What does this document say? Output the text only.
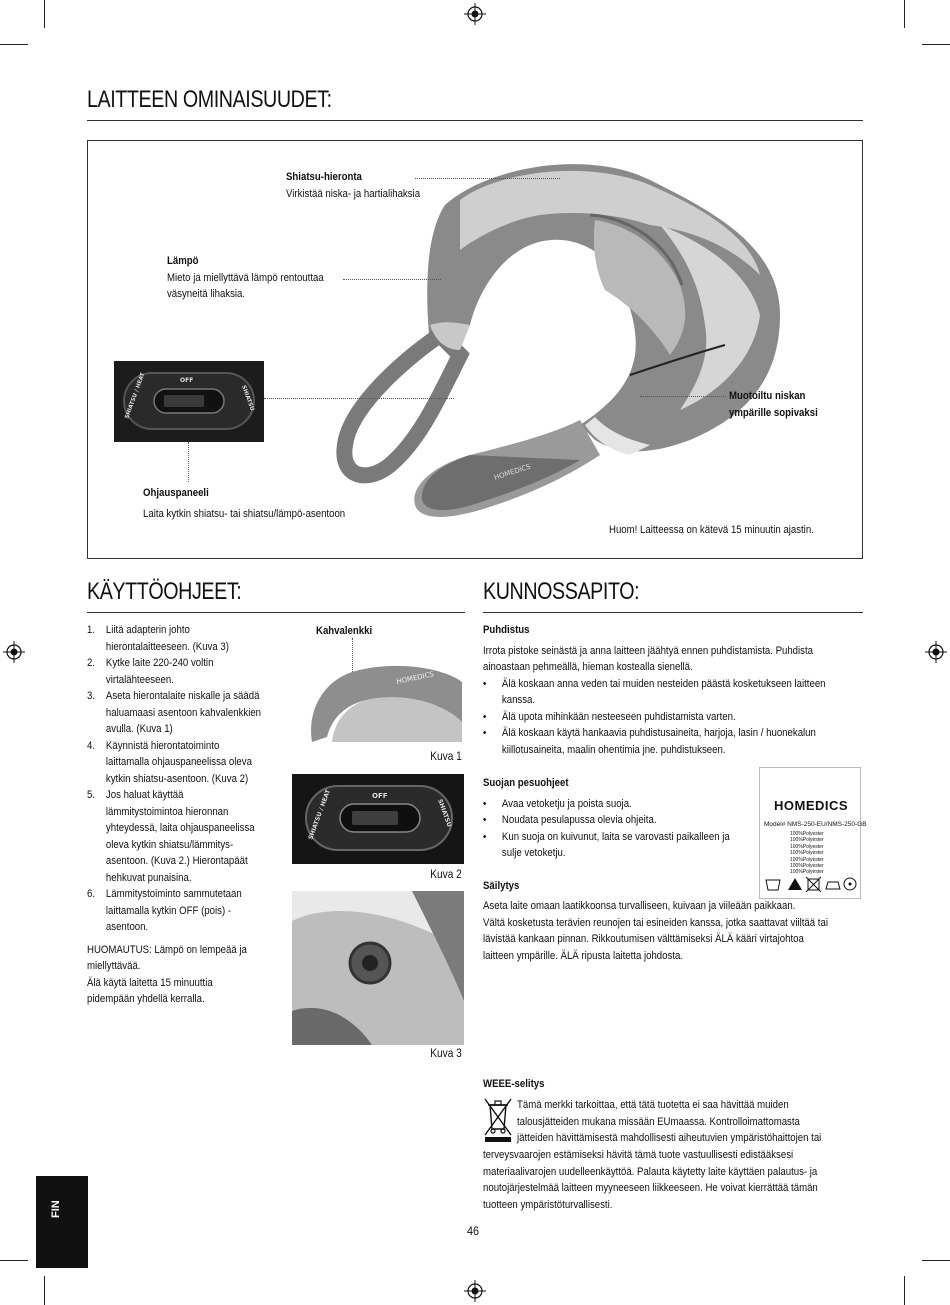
LAITTEEN OMINAISUUDET:
HOMEDICS
OFF
SHIATSU / HEAT	SHIATSU
Shiatsu-hieronta
Virkistää niska- ja hartialihaksia
Lämpö
Mieto ja miellyttävä lämpö rentouttaa
väsyneitä lihaksia.
Muotoiltu niskan
ympärille sopivaksi
Ohjauspaneeli
Laita kytkin shiatsu- tai shiatsu/lämpö-asentoon
Huom! Laitteessa on kätevä 15 minuutin ajastin.
KÄYTTÖOHJEET:
1. Liitä adapterin johto
hierontalaitteeseen. (Kuva 3)
2. Kytke laite 220-240 voltin
virtalähteeseen.
3. Aseta hierontalaite niskalle ja säädä
haluamaasi asentoon kahvalenkkien
avulla. (Kuva 1)
4. Käynnistä hierontatoiminto
laittamalla ohjauspaneelissa oleva
kytkin shiatsu-asentoon. (Kuva 2)
5. Jos haluat käyttää
lämmitystoimintoa hieronnan
yhteydessä, laita ohjauspaneelissa
oleva kytkin shiatsu/lämmitys-
asentoon. (Kuva 2.) Hierontapäät
hehkuvat punaisina.
6. Lämmitystoiminto sammutetaan
laittamalla kytkin OFF (pois) -
asentoon.
HUOMAUTUS: Lämpö on lempeää ja
miellyttävää.
Älä käytä laitetta 15 minuuttia
pidempään yhdellä kerralla.
Kahvalenkki
HOMEDICS
Kuva 1
OFF
SHIATSU / HEAT	SHIATSU
Kuva 2
Kuva 3
KUNNOSSAPITO:
Puhdistus
Irrota pistoke seinästä ja anna laitteen jäähtyä ennen puhdistamista. Puhdista
ainoastaan pehmeällä, hieman kostealla sienellä.
• Älä koskaan anna veden tai muiden nesteiden päästä kosketukseen laitteen
kanssa.
• Älä upota mihinkään nesteeseen puhdistamista varten.
• Älä koskaan käytä hankaavia puhdistusaineita, harjoja, lasin / huonekalun
kiillotusaineita, maalin ohentimia jne. puhdistukseen.
Suojan pesuohjeet
• Avaa vetoketju ja poista suoja.
• Noudata pesulapussa olevia ohjeita.
• Kun suoja on kuivunut, laita se varovasti paikalleen ja
sulje vetoketju.
Säilytys
Aseta laite omaan laatikkoonsa turvalliseen, kuivaan ja viileään paikkaan.
Vältä kosketusta terävien reunojen tai esineiden kanssa, jotka saattavat viiltää tai
lävistää kankaan pinnan. Rikkoutumisen välttämiseksi ÄLÄ kääri virtajohtoa
laitteen ympärille. ÄLÄ ripusta laitetta johdosta.
HOMEDICS
Model# NMS-250-EU/NMS-250-GB
100%Polyester
100%Polyester
100%Polyester
100%Polyester
100%Polyester
100%Polyester
100%Polyester
WEEE-selitys
Tämä merkki tarkoittaa, että tätä tuotetta ei saa hävittää muiden
talousjätteiden mukana missään EUmaassa. Kontrolloimattomasta
jätteiden hävittämisestä mahdollisesti aiheutuvien ympäristöhaittojen tai
terveysvaarojen estämiseksi hävitä tämä tuote vastuullisesti edistääksesi
materiaalivarojen uudelleenkäyttöä. Palauta käytetty laite käyttäen palautus- ja
noutojärjestelmää laitteen myyneeseen liikkeeseen. He voivat kierrättää tämän
tuotteen ympäristöturvallisesti.
46
FIN
